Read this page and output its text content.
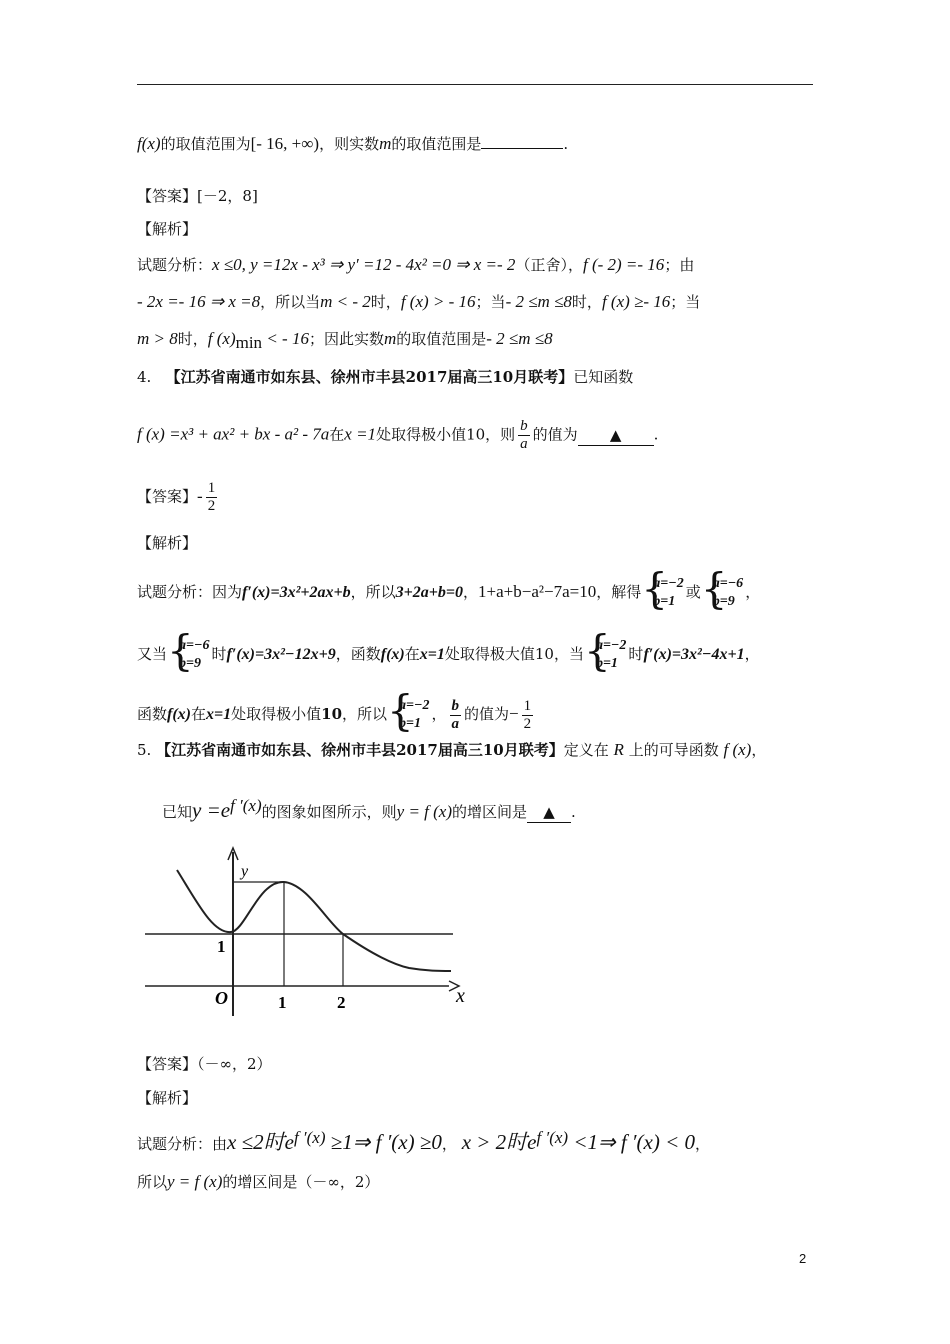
f(x)的取值范围为[- 16, +∞)，则实数m的取值范围是	.
【答案】[－2，8]
【解析】
试题分析：x ≤0, y =12x - x³ ⇒ y′ =12 - 4x² =0 ⇒ x =- 2（正舍），f (- 2) =- 16；由
- 2x =- 16 ⇒ x =8，所以当m < - 2时，f (x) > - 16；当- 2 ≤m ≤8时，f (x) ≥- 16；当
m > 8时，f $(x)_{min}$ < - 16；因此实数m的取值范围是- 2 ≤m ≤8
4. 【江苏省南通市如东县、徐州市丰县2017届高三10月联考】已知函数
f (x) =x³ + ax² + bx - a² - 7a在x =1处取得极小值10，则 $\frac{b}{a}$ 的值为 ▲ .
【答案】- $\frac{1}{2}$
【解析】
试题分析：因为f′(x)=3x²+2ax+b，所以3+2a+b=0，1+a+b−a²−7a=10，解得 { a=−2
b=1
或 { a=−6
b=9
，
又当 { a=−6
b=9
时f′(x)=3x²−12x+9，函数f(x)在x=1处取得极大值10，当 { a=−2
b=1
时f′(x)=3x²−4x+1，
函数f(x)在x=1处取得极小值10，所以 { a=−2
b=1
， $\frac{b}{a}$ 的值为− $\frac{1}{2}$
5. 【江苏省南通市如东县、徐州市丰县2017届高三10月联考】定义在 R 上的可导函数 f (x)，
已知$y =e^{f '(x)}$的图象如图所示，则y = f (x)的增区间是 ▲ .
y
x
O	1	2
1
【答案】（－∞，2）
【解析】
试题分析：由x ≤2时$e^{f '(x)}$ ≥1⇒ f ′(x) ≥0， x > 2时$e^{f '(x)}$ <1⇒ f ′(x) < 0，
所以y = f (x)的增区间是（－∞，2）
2
